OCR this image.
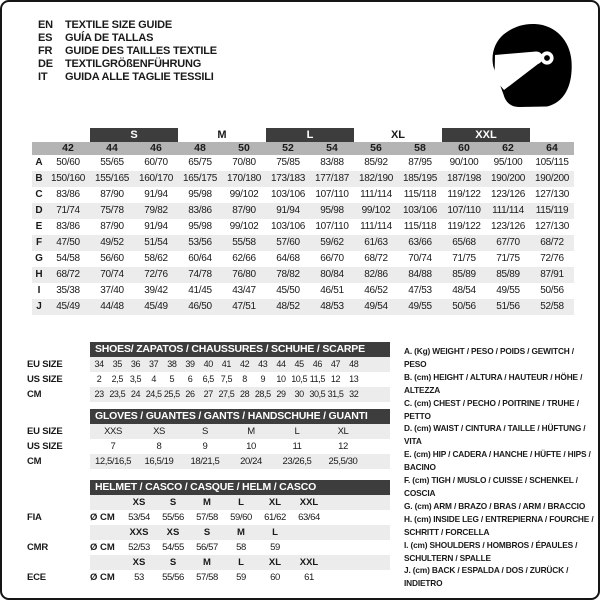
EN	TEXTILE SIZE GUIDE
ES	GUÍA DE TALLAS
FR	GUIDE DES TAILLES TEXTILE
DE	TEXTILGRÖßENFÜHRUNG
IT	GUIDA ALLE TAGLIE TESSILI
S	M	L	XL	XXL
42	44	46	48	50	52	54	56	58	60	62	64
A	50/60	55/65	60/70	65/75	70/80	75/85	83/88	85/92	87/95	90/100	95/100	105/115
B 150/160 155/165 160/170 165/175 170/180 173/183 177/187 182/190 185/195 187/198 190/200 190/200
C	83/86	87/90	91/94	95/98	99/102	103/106	107/110	111/114	115/118	119/122	123/126 127/130
D	71/74	75/78	79/82	83/86	87/90	91/94	95/98	99/102	103/106	107/110	111/114	115/119
E	83/86	87/90	91/94	95/98	99/102	103/106	107/110	111/114	115/118	119/122	123/126 127/130
F	47/50	49/52	51/54	53/56	55/58	57/60	59/62	61/63	63/66	65/68	67/70	68/72
G	54/58	56/60	58/62	60/64	62/66	64/68	66/70	68/72	70/74	71/75	71/75	72/76
H	68/72	70/74	72/76	74/78	76/80	78/82	80/84	82/86	84/88	85/89	85/89	87/91
I	35/38	37/40	39/42	41/45	43/47	45/50	46/51	46/52	47/53	48/54	49/55	50/56
J	45/49	44/48	45/49	46/50	47/51	48/52	48/53	49/54	49/55	50/56	51/56	52/58
SHOES/ ZAPATOS / CHAUSSURES / SCHUHE / SCARPE
EU SIZE	34 35 36 37 38 39 40 41 42 43 44 45 46 47 48
US SIZE	2	2,5 3,5	4	5	6	6,5 7,5	8	9	10 10,5 11,5 12 13
CM	23 23,5 24 24,5 25,5 26 27 27,5 28 28,5 29 30 30,5 31,5 32
GLOVES / GUANTES / GANTS / HANDSCHUHE / GUANTI
EU SIZE	XXS	XS	S	M	L	XL
US SIZE	7	8	9	10	11	12
CM	12,5/16,5	16,5/19	18/21,5	20/24	23/26,5	25,5/30
HELMET / CASCO / CASQUE / HELM / CASCO
XS	S	M	L	XL	XXL
FIA	Ø CM	53/54	55/56	57/58	59/60	61/62	63/64
XXS	XS	S	M	L
CMR	Ø CM	52/53	54/55	56/57	58	59
XS	S	M	L	XL	XXL
ECE	Ø CM	53	55/56	57/58	59	60	61
A. (Kg) WEIGHT / PESO / POIDS / GEWITCH / PESO
B. (cm) HEIGHT / ALTURA / HAUTEUR / HÖHE / ALTEZZA
C. (cm) CHEST / PECHO / POITRINE / TRUHE / PETTO
D. (cm) WAIST / CINTURA / TAILLE / HÜFTUNG / VITA
E. (cm) HIP / CADERA / HANCHE / HÜFTE / HIPS / BACINO
F. (cm) TIGH / MUSLO / CUISSE / SCHENKEL / COSCIA
G. (cm) ARM / BRAZO / BRAS / ARM / BRACCIO
H. (cm) INSIDE LEG / ENTREPIERNA / FOURCHE / SCHRITT / FORCELLA
I. (cm) SHOULDERS / HOMBROS / ÉPAULES / SCHULTERN / SPALLE
J. (cm) BACK / ESPALDA / DOS / ZURÜCK / INDIETRO
